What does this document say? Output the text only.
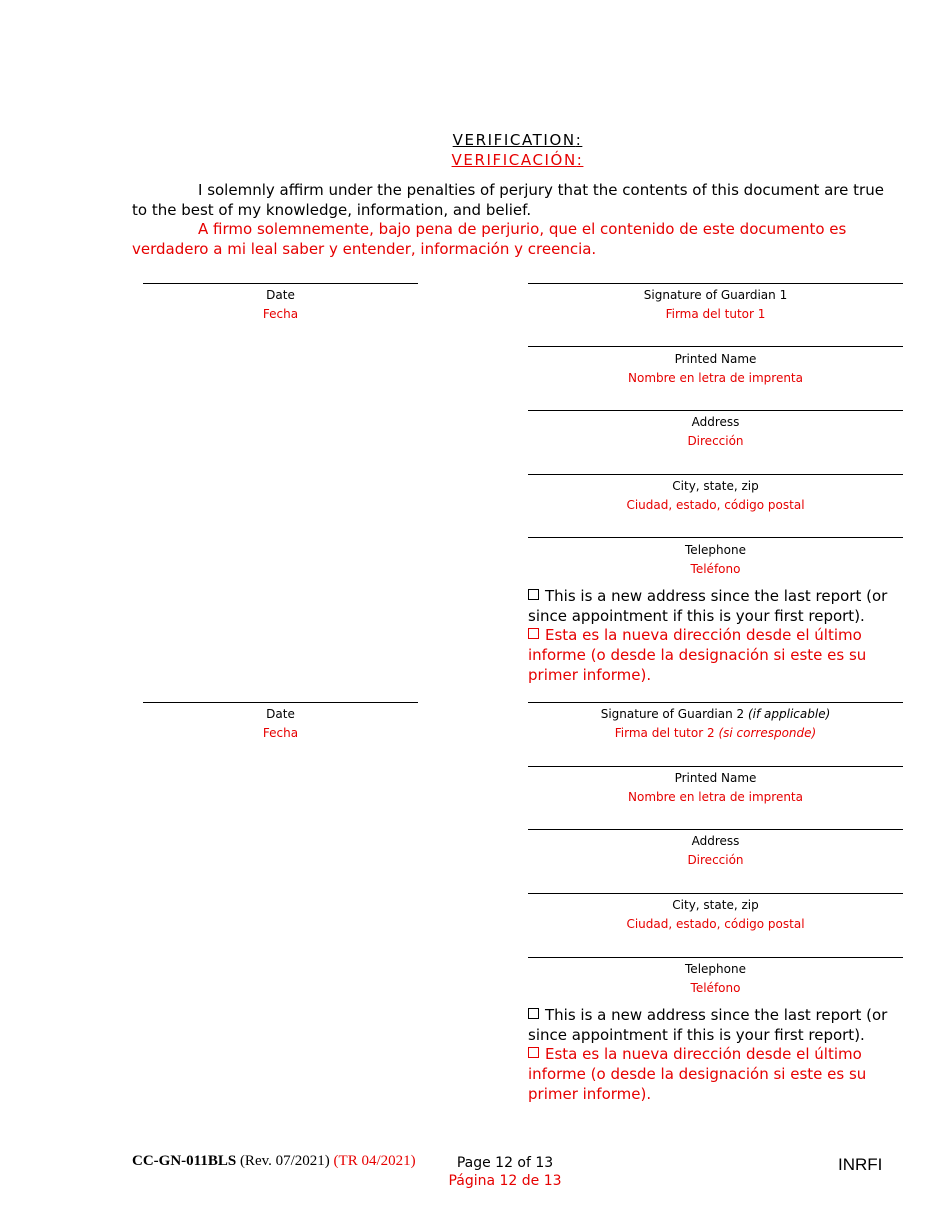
VERIFICATION:
VERIFICACIÓN:
I solemnly affirm under the penalties of perjury that the contents of this document are true to the best of my knowledge, information, and belief.
A firmo solemnemente, bajo pena de perjurio, que el contenido de este documento es verdadero a mi leal saber y entender, información y creencia.
Date
Fecha
Signature of Guardian 1
Firma del tutor 1
Printed Name
Nombre en letra de imprenta
Address
Dirección
City, state, zip
Ciudad, estado, código postal
Telephone
Teléfono
This is a new address since the last report (or since appointment if this is your first report).
Esta es la nueva dirección desde el último informe (o desde la designación si este es su primer informe).
Date
Fecha
Signature of Guardian 2 (if applicable)
Firma del tutor 2 (si corresponde)
Printed Name
Nombre en letra de imprenta
Address
Dirección
City, state, zip
Ciudad, estado, código postal
Telephone
Teléfono
This is a new address since the last report (or since appointment if this is your first report).
Esta es la nueva dirección desde el último informe (o desde la designación si este es su primer informe).
CC-GN-011BLS (Rev. 07/2021) (TR 04/2021)	Page 12 of 13
Página 12 de 13
INRFI
